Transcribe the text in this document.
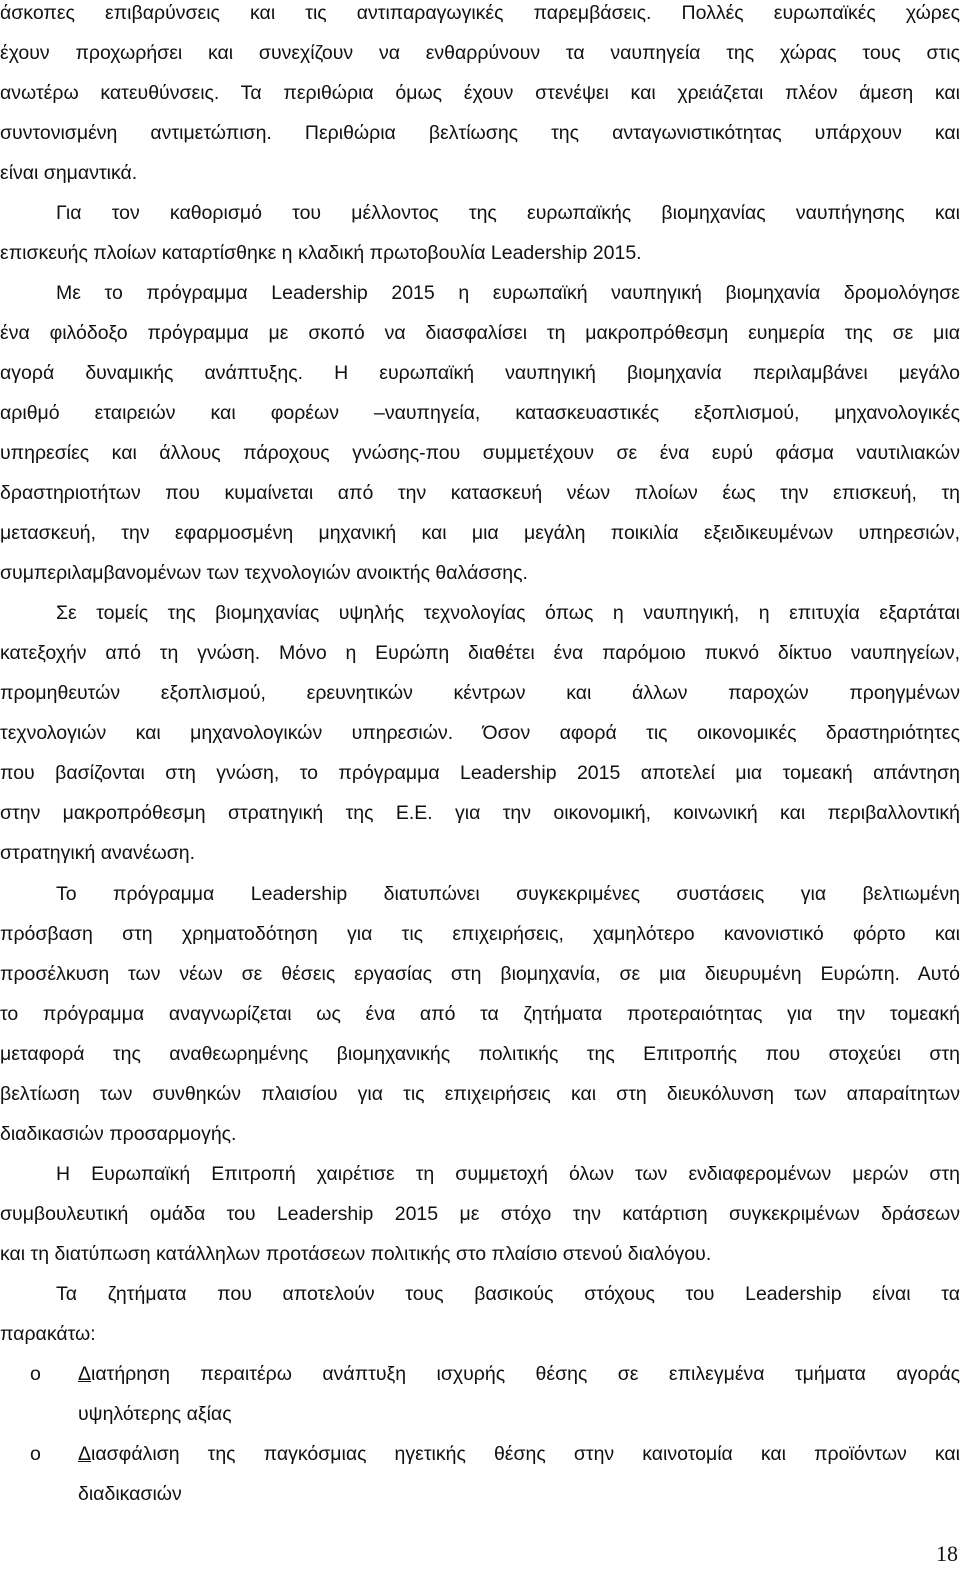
άσκοπες επιβαρύνσεις και τις αντιπαραγωγικές παρεμβάσεις. Πολλές ευρωπαϊκές χώρες
έχουν προχωρήσει και συνεχίζουν να ενθαρρύνουν τα ναυπηγεία της χώρας τους στις
ανωτέρω κατευθύνσεις. Τα περιθώρια όμως έχουν στενέψει και χρειάζεται πλέον άμεση και
συντονισμένη αντιμετώπιση. Περιθώρια βελτίωσης της ανταγωνιστικότητας υπάρχουν και
είναι σημαντικά.
Για τον καθορισμό του μέλλοντος της ευρωπαϊκής βιομηχανίας ναυπήγησης και
επισκευής πλοίων καταρτίσθηκε η κλαδική πρωτοβουλία Leadership 2015.
Με το πρόγραμμα Leadership 2015 η ευρωπαϊκή ναυπηγική βιομηχανία δρομολόγησε
ένα φιλόδοξο πρόγραμμα με σκοπό να διασφαλίσει τη μακροπρόθεσμη ευημερία της σε μια
αγορά δυναμικής ανάπτυξης. Η ευρωπαϊκή ναυπηγική βιομηχανία περιλαμβάνει μεγάλο
αριθμό εταιρειών και φορέων –ναυπηγεία, κατασκευαστικές εξοπλισμού, μηχανολογικές
υπηρεσίες και άλλους πάροχους γνώσης-που συμμετέχουν σε ένα ευρύ φάσμα ναυτιλιακών
δραστηριοτήτων που κυμαίνεται από την κατασκευή νέων πλοίων έως την επισκευή, τη
μετασκευή, την εφαρμοσμένη μηχανική και μια μεγάλη ποικιλία εξειδικευμένων υπηρεσιών,
συμπεριλαμβανομένων των τεχνολογιών ανοικτής θαλάσσης.
Σε τομείς της βιομηχανίας υψηλής τεχνολογίας όπως η ναυπηγική, η επιτυχία εξαρτάται
κατεξοχήν από τη γνώση. Μόνο η Ευρώπη διαθέτει ένα παρόμοιο πυκνό δίκτυο ναυπηγείων,
προμηθευτών εξοπλισμού, ερευνητικών κέντρων και άλλων παροχών προηγμένων
τεχνολογιών και μηχανολογικών υπηρεσιών. Όσον αφορά τις οικονομικές δραστηριότητες
που βασίζονται στη γνώση, το πρόγραμμα Leadership 2015 αποτελεί μια τομεακή απάντηση
στην μακροπρόθεσμη στρατηγική της Ε.Ε. για την οικονομική, κοινωνική και περιβαλλοντική
στρατηγική ανανέωση.
Το πρόγραμμα Leadership διατυπώνει συγκεκριμένες συστάσεις για βελτιωμένη
πρόσβαση στη χρηματοδότηση για τις επιχειρήσεις, χαμηλότερο κανονιστικό φόρτο και
προσέλκυση των νέων σε θέσεις εργασίας στη βιομηχανία, σε μια διευρυμένη Ευρώπη. Αυτό
το πρόγραμμα αναγνωρίζεται ως ένα από τα ζητήματα προτεραιότητας για την τομεακή
μεταφορά της αναθεωρημένης βιομηχανικής πολιτικής της Επιτροπής που στοχεύει στη
βελτίωση των συνθηκών πλαισίου για τις επιχειρήσεις και στη διευκόλυνση των απαραίτητων
διαδικασιών προσαρμογής.
Η Ευρωπαϊκή Επιτροπή χαιρέτισε τη συμμετοχή όλων των ενδιαφερομένων μερών στη
συμβουλευτική ομάδα του Leadership 2015 με στόχο την κατάρτιση συγκεκριμένων δράσεων
και τη διατύπωση κατάλληλων προτάσεων πολιτικής στο πλαίσιο στενού διαλόγου.
Τα ζητήματα που αποτελούν τους βασικούς στόχους του Leadership είναι τα
παρακάτω:
o Διατήρηση περαιτέρω ανάπτυξη ισχυρής θέσης σε επιλεγμένα τμήματα αγοράς
υψηλότερης αξίας
o Διασφάλιση της παγκόσμιας ηγετικής θέσης στην καινοτομία και προϊόντων και
διαδικασιών
18
